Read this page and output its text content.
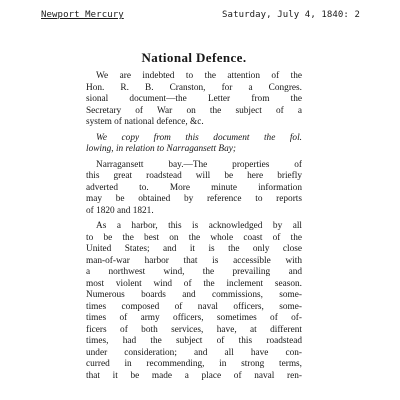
Newport Mercury	Saturday, July 4, 1840: 2
National Defence.
We are indebted to the attention of the
Hon. R. B. Cranston, for a Congres.
sional document—the Letter from the
Secretary of War on the subject of a
system of national defence, &c.
We copy from this document the fol.
lowing, in relation to Narragansett Bay;
Narragansett bay.—The properties of
this great roadstead will be here briefly
adverted to. More minute information
may be obtained by reference to reports
of 1820 and 1821.
As a harbor, this is acknowledged by all
to be the best on the whole coast of the
United States; and it is the only close
man-of-war harbor that is accessible with
a northwest wind, the prevailing and
most violent wind of the inclement season.
Numerous boards and commissions, some-
times composed of naval officers, some-
times of army officers, sometimes of of-
ficers of both services, have, at different
times, had the subject of this roadstead
under consideration; and all have con-
curred in recommending, in strong terms,
that it be made a place of naval ren-
